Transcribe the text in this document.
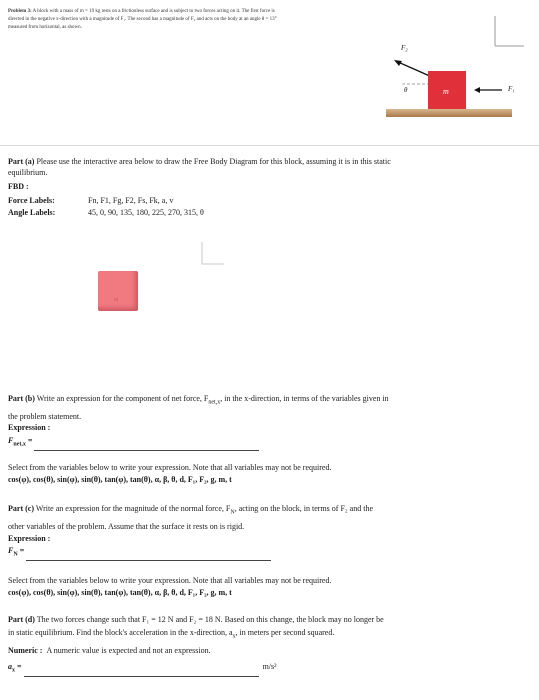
Problem 3: A block with a mass of m = 19 kg rests on a frictionless surface and is subject to two forces acting on it. The first force is
directed in the negative x-direction with a magnitude of F₁. The second has a magnitude of F₂ and acts on the body at an angle θ = 13°
measured from horizontal, as shown.
F₂
θ	m	F₁
Part (a) Please use the interactive area below to draw the Free Body Diagram for this block, assuming it is in this static
equilibrium.
FBD :
Force Labels:	Fn, F1, Fg, F2, Fs, Fk, a, v
Angle Labels:	45, 0, 90, 135, 180, 225, 270, 315, θ
m
Part (b) Write an expression for the component of net force, $F_{net,x}$, in the x-direction, in terms of the variables given in
the problem statement.
Expression :
$F_{net,x}$ =
Select from the variables below to write your expression. Note that all variables may not be required.
cos(φ), cos(θ), sin(φ), sin(θ), tan(φ), tan(θ), α, β, θ, d, F₁, F₂, g, m, t
Part (c) Write an expression for the magnitude of the normal force, $F_N$, acting on the block, in terms of F₂ and the
other variables of the problem. Assume that the surface it rests on is rigid.
Expression :
$F_N$ =
Select from the variables below to write your expression. Note that all variables may not be required.
cos(φ), cos(θ), sin(φ), sin(θ), tan(φ), tan(θ), α, β, θ, d, F₁, F₂, g, m, t
Part (d) The two forces change such that F₁ = 12 N and F₂ = 18 N. Based on this change, the block may no longer be
in static equilibrium. Find the block's acceleration in the x-direction, $a_x$, in meters per second squared.
Numeric : A numeric value is expected and not an expression.
$a_x$ =	m/s²
